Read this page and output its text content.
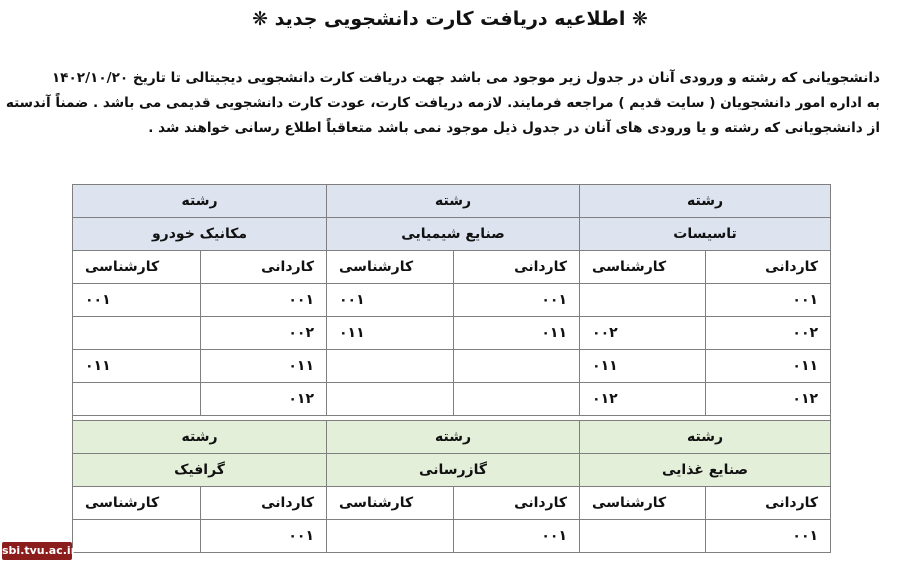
❋ اطلاعیه دریافت کارت دانشجویی جدید ❋
دانشجویانی که رشته و ورودی آنان در جدول زیر موجود می باشد جهت دریافت کارت دانشجویی دیجیتالی تا تاریخ ۱۴۰۲/۱۰/۲۰
به اداره امور دانشجویان ( سایت قدیم ) مراجعه فرمایند. لازمه دریافت کارت، عودت کارت دانشجویی قدیمی می باشد . ضمناً آندسته
از دانشجویانی که رشته و یا ورودی های آنان در جدول ذیل موجود نمی باشد متعاقباً اطلاع رسانی خواهند شد .
رشته		رشته		رشته	
تاسیسات		صنایع شیمیایی		مکانیک خودرو	
کاردانی	کارشناسی	کاردانی	کارشناسی	کاردانی	کارشناسی
۰۰۱		۰۰۱	۰۰۱	۰۰۱	۰۰۱
۰۰۲	۰۰۲	۰۱۱	۰۱۱	۰۰۲	
۰۱۱	۰۱۱			۰۱۱	۰۱۱
۰۱۲	۰۱۲			۰۱۲	

رشته		رشته		رشته	
صنایع غذایی		گازرسانی		گرافیک	
کاردانی	کارشناسی	کاردانی	کارشناسی	کاردانی	کارشناسی
۰۰۱		۰۰۱		۰۰۱	
sbi.tvu.ac.ir
